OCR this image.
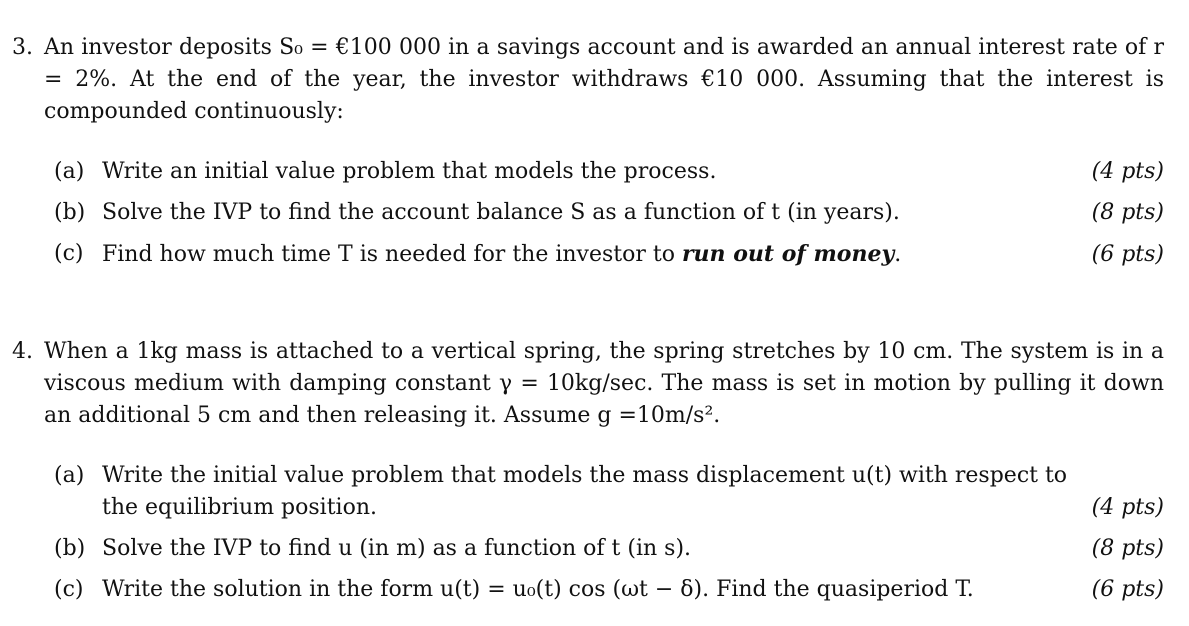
3. An investor deposits S₀ = €100 000 in a savings account and is awarded an annual interest rate of r = 2%. At the end of the year, the investor withdraws €10 000. Assuming that the interest is compounded continuously:
(a) Write an initial value problem that models the process.	(4 pts)
(b) Solve the IVP to find the account balance S as a function of t (in years).	(8 pts)
(c) Find how much time T is needed for the investor to run out of money.	(6 pts)
4. When a 1kg mass is attached to a vertical spring, the spring stretches by 10 cm. The system is in a viscous medium with damping constant γ = 10kg/sec. The mass is set in motion by pulling it down an additional 5 cm and then releasing it. Assume g =10m/s².
(a) Write the initial value problem that models the mass displacement u(t) with respect to the equilibrium position.	(4 pts)
(b) Solve the IVP to find u (in m) as a function of t (in s).	(8 pts)
(c) Write the solution in the form u(t) = u₀(t) cos (ωt − δ). Find the quasiperiod T.	(6 pts)
